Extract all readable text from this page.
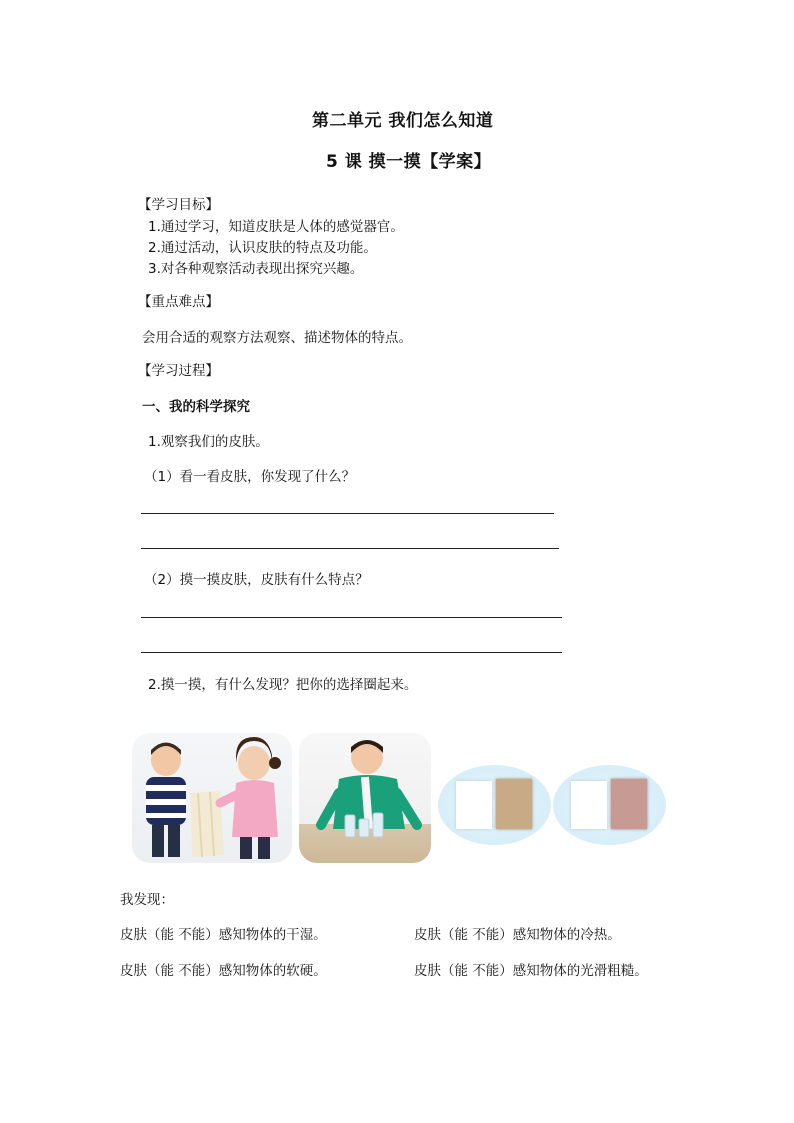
第二单元 我们怎么知道
5 课 摸一摸【学案】
【学习目标】
1.通过学习，知道皮肤是人体的感觉器官。
2.通过活动，认识皮肤的特点及功能。
3.对各种观察活动表现出探究兴趣。
【重点难点】
会用合适的观察方法观察、描述物体的特点。
【学习过程】
一、我的科学探究
1.观察我们的皮肤。
（1）看一看皮肤，你发现了什么？
（2）摸一摸皮肤，皮肤有什么特点？
2.摸一摸，有什么发现？把你的选择圈起来。
我发现：
皮肤（能 不能）感知物体的干湿。	皮肤（能 不能）感知物体的冷热。
皮肤（能 不能）感知物体的软硬。	皮肤（能 不能）感知物体的光滑粗糙。
